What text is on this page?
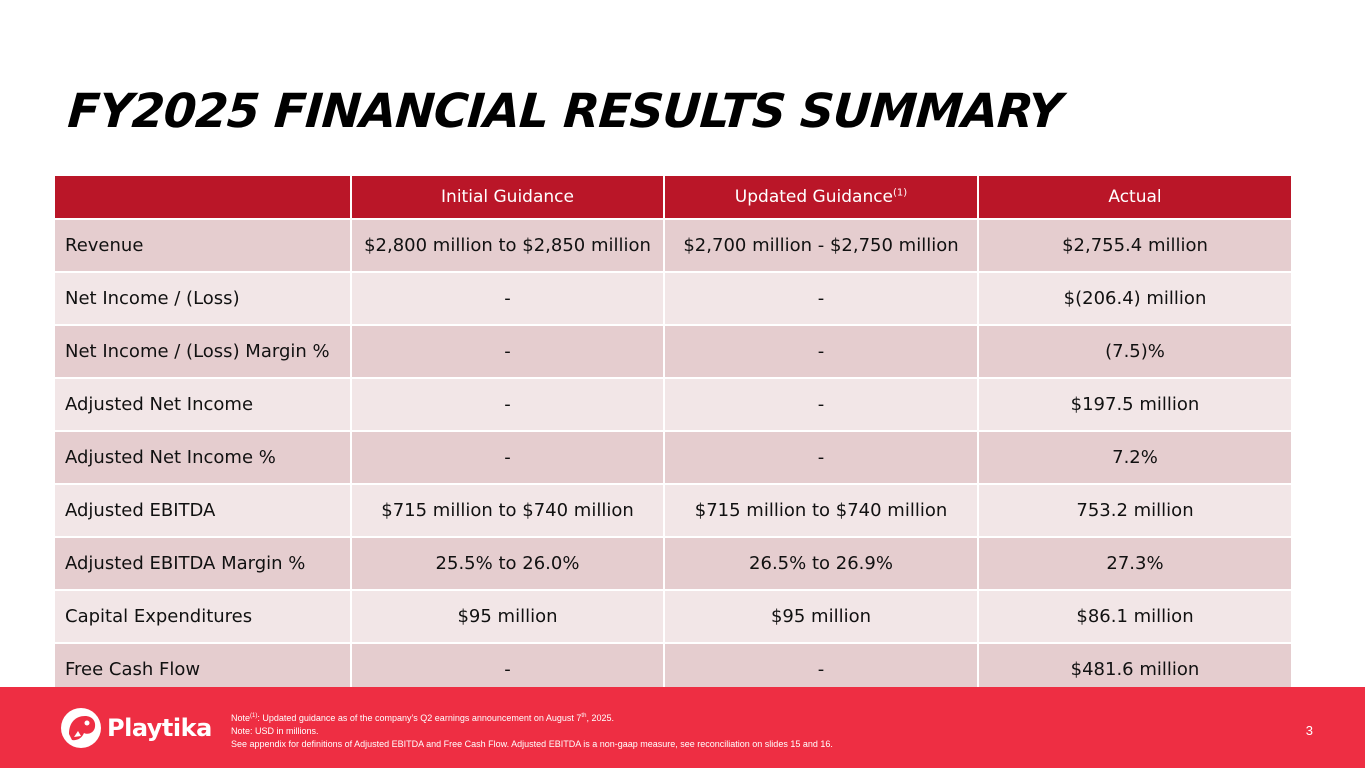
FY2025 FINANCIAL RESULTS SUMMARY
	Initial Guidance	Updated Guidance$^{(1)}$	Actual
Revenue	$2,800 million to $2,850 million	$2,700 million - $2,750 million	$2,755.4 million
Net Income / (Loss)	-	-	$(206.4) million
Net Income / (Loss) Margin %	-	-	(7.5)%
Adjusted Net Income	-	-	$197.5 million
Adjusted Net Income %	-	-	7.2%
Adjusted EBITDA	$715 million to $740 million	$715 million to $740 million	753.2 million
Adjusted EBITDA Margin %	25.5% to 26.0%	26.5% to 26.9%	27.3%
Capital Expenditures	$95 million	$95 million	$86.1 million
Free Cash Flow	-	-	$481.6 million
Playtika Note$^{(1)}$: Updated guidance as of the company’s Q2 earnings announcement on August 7th, 2025.
Note: USD in millions.
See appendix for definitions of Adjusted EBITDA and Free Cash Flow. Adjusted EBITDA is a non-gaap measure, see reconciliation on slides 15 and 16.
3
